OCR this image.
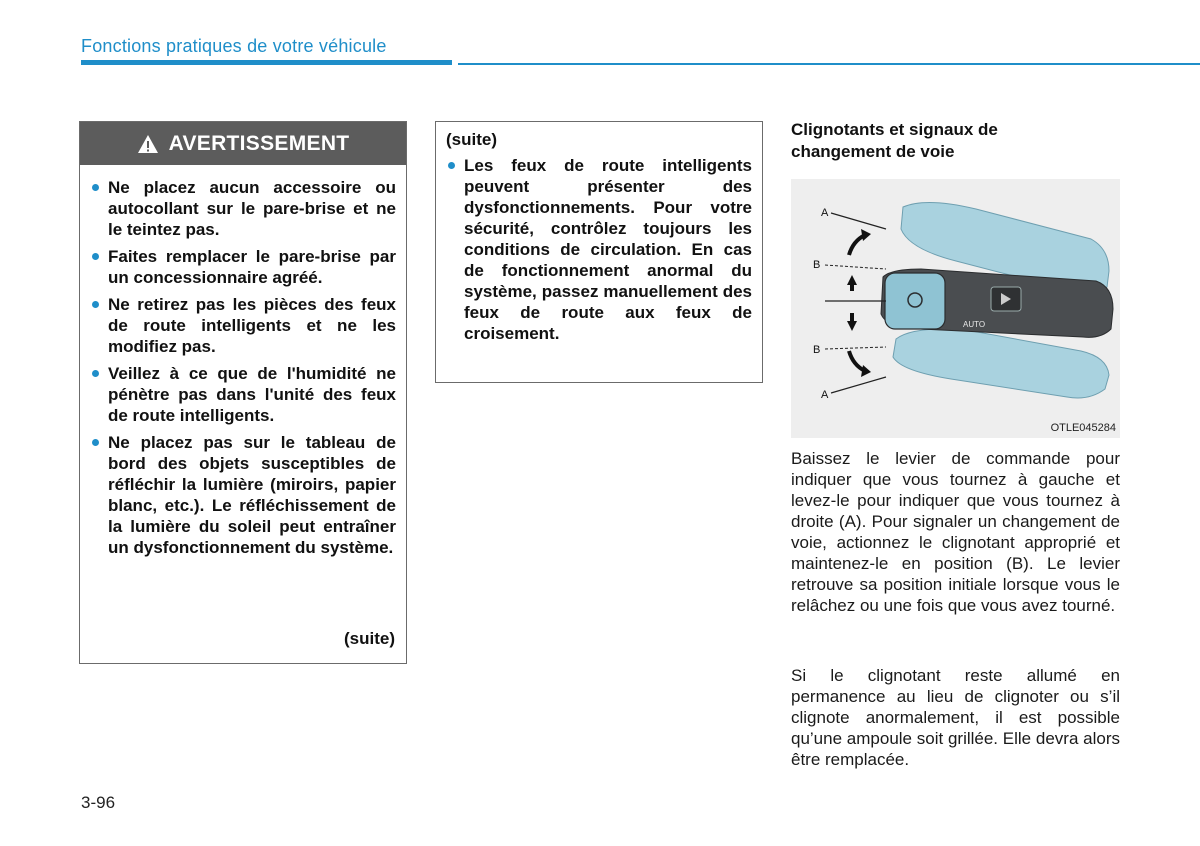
Fonctions pratiques de votre véhicule
AVERTISSEMENT
Ne placez aucun accessoire ou autocollant sur le pare-brise et ne le teintez pas.
Faites remplacer le pare-brise par un concessionnaire agréé.
Ne retirez pas les pièces des feux de route intelligents et ne les modifiez pas.
Veillez à ce que de l'humidité ne pénètre pas dans l'unité des feux de route intelligents.
Ne placez pas sur le tableau de bord des objets susceptibles de réfléchir la lumière (miroirs, papier blanc, etc.). Le réfléchissement de la lumière du soleil peut entraîner un dysfonctionnement du système.
(suite)
(suite)
Les feux de route intelligents peuvent présenter des dysfonctionnements. Pour votre sécurité, contrôlez toujours les conditions de circulation. En cas de fonctionnement anormal du système, passez manuellement des feux de route aux feux de croisement.
Clignotants et signaux de changement de voie
A
B
B
A
AUTO
OTLE045284
Baissez le levier de commande pour indiquer que vous tournez à gauche et levez-le pour indiquer que vous tournez à droite (A). Pour signaler un changement de voie, actionnez le clignotant approprié et maintenez-le en position (B). Le levier retrouve sa position initiale lorsque vous le relâchez ou une fois que vous avez tourné.
Si le clignotant reste allumé en permanence au lieu de clignoter ou s’il clignote anormalement, il est possible qu’une ampoule soit grillée. Elle devra alors être remplacée.
3-96
